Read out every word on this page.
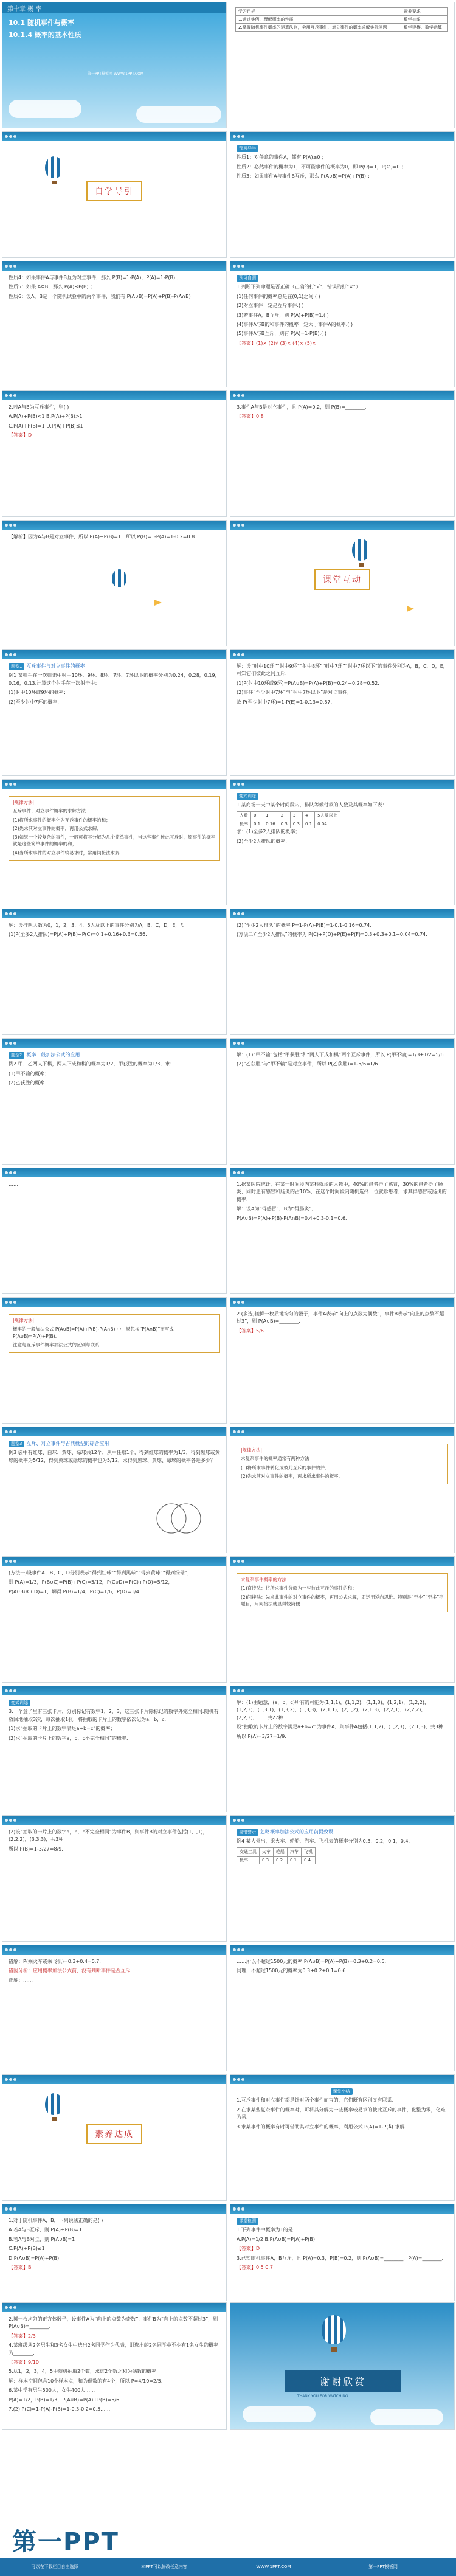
第十章 概 率
10.1 随机事件与概率
10.1.4 概率的基本性质
第一PPT模板网-WWW.1PPT.COM
学习目标	素养要求
1.通过实例，理解概率的性质	数学抽象
2.掌握随机事件概率的运算法则，会用互斥事件、对立事件的概率求解实际问题	数学建模、数学运算
自学导引

预习导学

性质1：对任意的事件A，都有 P(A)≥0 ；

性质2：必然事件的概率为1，不可能事件的概率为0，即 P(Ω)=1，P(∅)=0 ；

性质3：如果事件A与事件B互斥，那么 P(A∪B)=P(A)+P(B) ；

性质4：如果事件A与事件B互为对立事件，那么 P(B)=1-P(A)，P(A)=1-P(B) ；

性质5：如果 A⊆B，那么 P(A)≤P(B) ；

性质6：设A，B是一个随机试验中的两个事件，我们有 P(A∪B)=P(A)+P(B)-P(A∩B) .

预习自测

1.判断下列命题是否正确（正确的打“√”，错误的打“×”）

(1)任何事件的概率总是在(0,1)之间.( )

(2)对立事件一定是互斥事件.( )

(3)若事件A，B互斥，则 P(A)+P(B)=1.( )

(4)事件A与B的和事件的概率一定大于事件A的概率.( )

(5)事件A与B互斥，则有 P(A)=1-P(B).( )

【答案】(1)× (2)√ (3)× (4)× (5)×

2.若A与B为互斥事件，则( )

A.P(A)+P(B)<1 B.P(A)+P(B)>1

C.P(A)+P(B)=1 D.P(A)+P(B)≤1

【答案】D

3.事件A与B是对立事件，且 P(A)=0.2，则 P(B)=________.

【答案】0.8

【解析】因为A与B是对立事件，所以 P(A)+P(B)=1，所以 P(B)=1-P(A)=1-0.2=0.8.

课堂互动

题型1 互斥事件与对立事件的概率

例1 某射手在一次射击中射中10环、9环、8环、7环、7环以下的概率分别为0.24，0.28，0.19，0.16，0.13.计算这个射手在一次射击中：

(1)射中10环或9环的概率；

(2)至少射中7环的概率.

解：设“射中10环”“射中9环”“射中8环”“射中7环”“射中7环以下”的事件分别为A，B，C，D，E，可知它们彼此之间互斥.

(1)P(射中10环或9环)=P(A∪B)=P(A)+P(B)=0.24+0.28=0.52.

(2)事件“至少射中7环”与“射中7环以下”是对立事件，

故 P(至少射中7环)=1-P(E)=1-0.13=0.87.

|规律方法|

互斥事件、对立事件概率的求解方法

(1)将所求事件的概率化为互斥事件的概率的和；

(2)先求其对立事件的概率，再用公式求解；

(3)如果一个较复杂的事件，一般可将其分解为几个简单事件，当这些事件彼此互斥时，原事件的概率就是这些简单事件的概率的和；

(4)当所求事件的对立事件较易求时，常用间接法求解.

变式训练

1.某商场一天中某个时间段内，排队等候付款的人数及其概率如下表：

人数	0	1	2	3	4	5人及以上
概率	0.1	0.16	0.3	0.3	0.1	0.04

求：(1)至多2人排队的概率；

(2)至少2人排队的概率.

解：设排队人数为0，1，2，3，4，5人及以上的事件分别为A，B，C，D，E，F.

(1)P(至多2人排队)=P(A)+P(B)+P(C)=0.1+0.16+0.3=0.56.

(2)“至少2人排队”的概率 P=1-P(A)-P(B)=1-0.1-0.16=0.74.

(方法二)“至少2人排队”的概率为 P(C)+P(D)+P(E)+P(F)=0.3+0.3+0.1+0.04=0.74.

题型2 概率一般加法公式的应用

例2 甲、乙两人下棋，两人下成和棋的概率为1/2，甲获胜的概率为1/3，求：

(1)甲不输的概率；

(2)乙获胜的概率.

解：(1)“甲不输”包括“甲获胜”和“两人下成和棋”两个互斥事件，所以 P(甲不输)=1/3+1/2=5/6.

(2)“乙获胜”与“甲不输”是对立事件，所以 P(乙获胜)=1-5/6=1/6.

……	1.据某医院统计，在某一时间段内某科就诊的人数中，40%的患者得了感冒，30%的患者得了肠炎，同时患有感冒和肠炎的占10%，在这个时间段内随机选择一位就诊患者，求其得感冒或肠炎的概率.

解：设A为“得感冒”，B为“得肠炎”，

P(A∪B)=P(A)+P(B)-P(A∩B)=0.4+0.3-0.1=0.6.

|规律方法|

概率的一般加法公式 P(A∪B)=P(A)+P(B)-P(A∩B) 中，易忽视“P(A∩B)”而写成 P(A∪B)=P(A)+P(B).

注意与互斥事件概率加法公式的区别与联系.

2.(多选)抛掷一枚质地均匀的骰子，事件A表示“向上的点数为偶数”，事件B表示“向上的点数不超过3”，则 P(A∪B)=________.

【答案】5/6

题型3 互斥、对立事件与古典概型的综合应用

例3 袋中有红球、白球、黄球、绿球共12个，从中任取1个，得到红球的概率为1/3，得到黑球或黄球的概率为5/12，得到黄球或绿球的概率也为5/12，求得到黑球、黄球、绿球的概率各是多少？

|规律方法|

求复杂事件的概率通常有两种方法

(1)将所求事件转化成彼此互斥的事件的并；

(2)先求其对立事件的概率，再求所求事件的概率.

(方法一)设事件A、B、C、D分别表示“得到红球”“得到黑球”“得到黄球”“得到绿球”，

则 P(A)=1/3，P(B∪C)=P(B)+P(C)=5/12，P(C∪D)=P(C)+P(D)=5/12，

P(A∪B∪C∪D)=1，解得 P(B)=1/4，P(C)=1/6，P(D)=1/4.

求复杂事件概率的方法：

(1)直接法：将所求事件分解为一些彼此互斥的事件的和；

(2)间接法：先求此事件的对立事件的概率，再用公式求解，即运用逆向思维。特别是“至少”“至多”型题目，用间接法就显得较简便.

变式训练

3.一个盒子里有三张卡片，分别标记有数字1，2，3，这三张卡片除标记的数字外完全相同.随机有放回地抽取3次，每次抽取1张，将抽取的卡片上的数字依次记为a，b，c.

(1)求“抽取的卡片上的数字满足a+b=c”的概率；

(2)求“抽取的卡片上的数字a，b，c不完全相同”的概率.

解：(1)由题意，(a，b，c)所有的可能为(1,1,1)，(1,1,2)，(1,1,3)，(1,2,1)，(1,2,2)，(1,2,3)，(1,3,1)，(1,3,2)，(1,3,3)，(2,1,1)，(2,1,2)，(2,1,3)，(2,2,1)，(2,2,2)，(2,2,3)，……共27种.

设“抽取的卡片上的数字满足a+b=c”为事件A，则事件A包括(1,1,2)，(1,2,3)，(2,1,3)，共3种.

所以 P(A)=3/27=1/9.

(2)设“抽取的卡片上的数字a，b，c不完全相同”为事件B，则事件B的对立事件包括(1,1,1)，(2,2,2)，(3,3,3)，共3种.

所以 P(B)=1-3/27=8/9.

易错警示 忽略概率加法公式的应用前提致误

例4 某人外出，乘火车、轮船、汽车、飞机去的概率分别为0.3，0.2，0.1，0.4.

交通工具	火车	轮船	汽车	飞机
概率	0.3	0.2	0.1	0.4

错解：P(乘火车或乘飞机)=0.3+0.4=0.7.

错因分析：应用概率加法公式前，没有判断事件是否互斥.

正解：……

……所以不超过1500元的概率 P(A∪B)=P(A)+P(B)=0.3+0.2=0.5.

同理，不超过1500元的概率为0.3+0.2+0.1=0.6.

素养达成

课堂小结

1.互斥事件和对立事件都是针对两个事件而言的，它们既有区别又有联系.

2.在求某些复杂事件的概率时，可将其分解为一些概率较易求的彼此互斥的事件，化整为零，化难为易.

3.求某事件的概率有时可借助其对立事件的概率，利用公式 P(A)=1-P(Ā) 求解.

1.对于随机事件A，B，下列说法正确的是( )

A.若A与B互斥，则 P(A)+P(B)=1

B.若A与B对立，则 P(A∪B)=1

C.P(A)+P(B)≤1

D.P(A∪B)=P(A)+P(B)

【答案】B

课堂检测

1.下列事件中概率为1的是……

A.P(A)=1/2 B.P(A∪B)=P(A)+P(B)

【答案】D

3.已知随机事件A，B互斥，且 P(A)=0.3，P(B)=0.2，则 P(A∪B)=________，P(Ā)=________.

【答案】0.5 0.7

2.掷一枚均匀的正方体骰子，设事件A为“向上的点数为奇数”，事件B为“向上的点数不超过3”，则 P(A∪B)=________.

【答案】2/3

4.某班级从2名男生和3名女生中选出2名同学作为代表，则选出的2名同学中至少有1名女生的概率为________.

【答案】9/10

5.从1，2，3，4，5中随机抽取2个数，求这2个数之和为偶数的概率.

解：样本空间包含10个样本点，和为偶数的有4个，所以 P=4/10=2/5.

6.某中学有男生500人，女生400人……

P(A)=1/2，P(B)=1/3，P(A∪B)=P(A)+P(B)=5/6.

7.(2) P(C)=1-P(A)-P(B)=1-0.3-0.2=0.5……

谢谢欣赏
THANK YOU FOR WATCHING
第一PPT
可以在下载栏目自由选择	本PPT可以修改任意内容	WWW.1PPT.COM	第一PPT模板网
